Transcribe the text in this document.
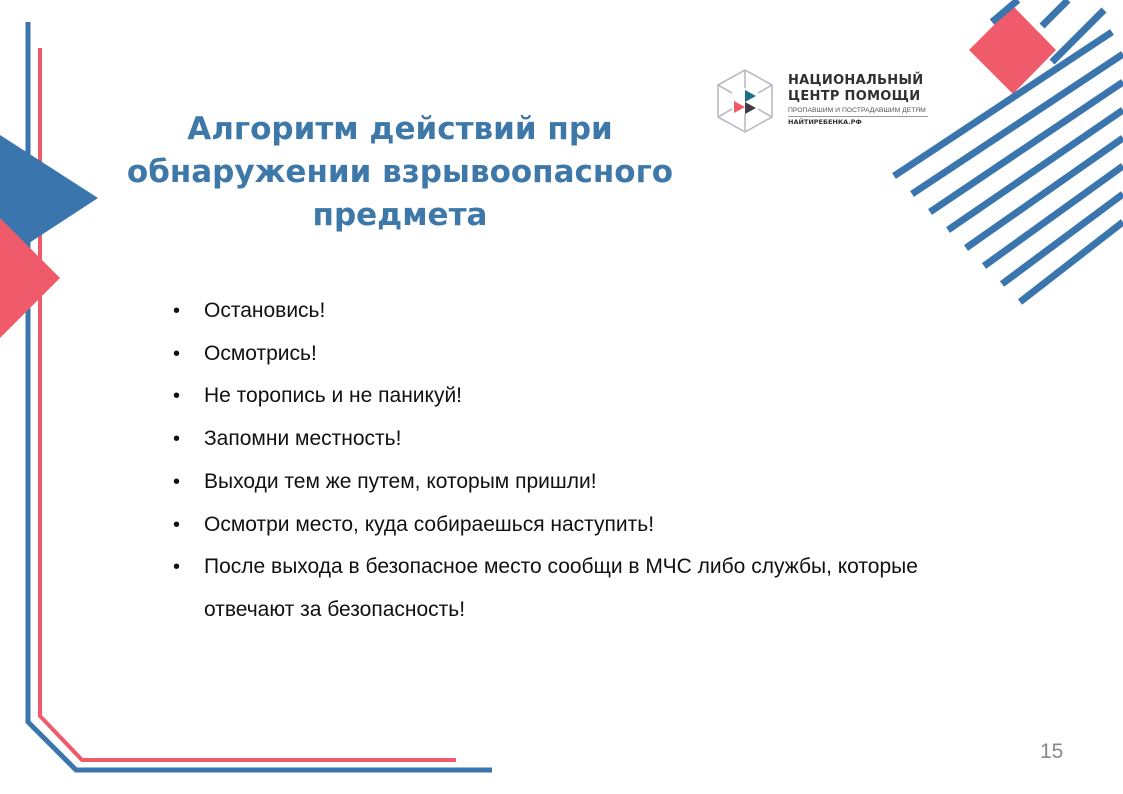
НАЦИОНАЛЬНЫЙ
ЦЕНТР ПОМОЩИ
ПРОПАВШИМ И ПОСТРАДАВШИМ ДЕТЯМ
НАЙТИРЕБЕНКА.РФ
Алгоритм действий при
обнаружении взрывоопасного
предмета
• Остановись!
• Осмотрись!
• Не торопись и не паникуй!
• Запомни местность!
• Выходи тем же путем, которым пришли!
• Осмотри место, куда собираешься наступить!
• После выхода в безопасное место сообщи в МЧС либо службы, которые отвечают за безопасность!
15
